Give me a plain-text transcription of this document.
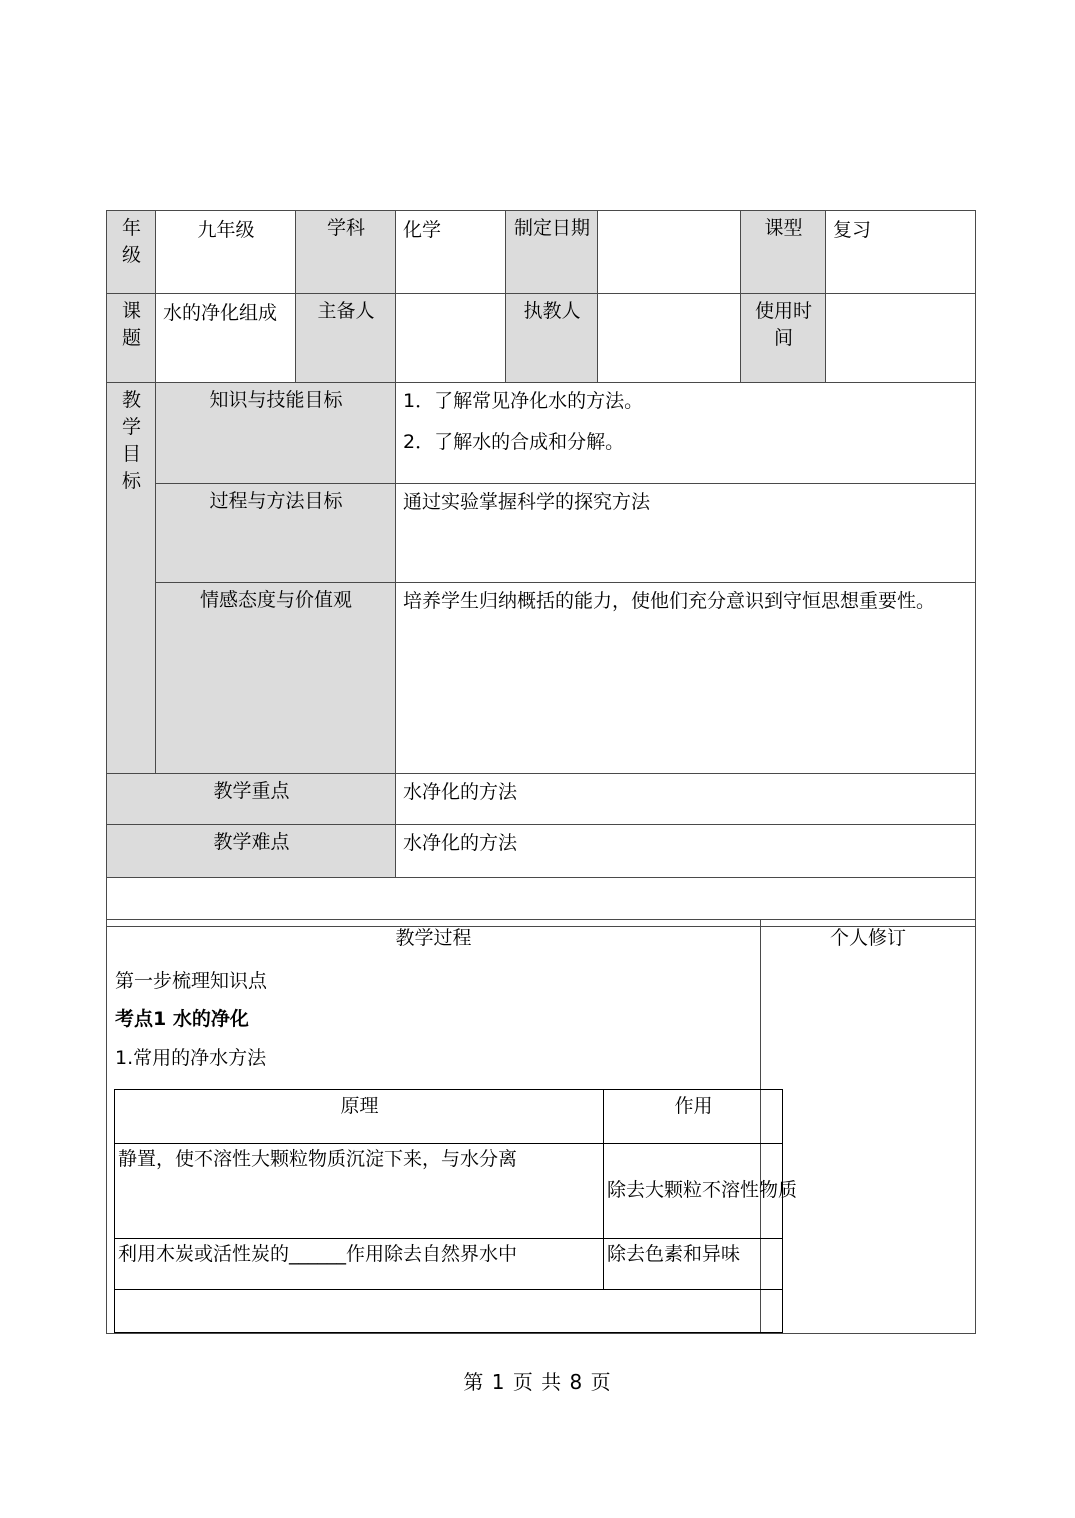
年级	九年级	学科	化学	制定日期		课型	复习
课题	水的净化组成	主备人		执教人		使用时间	
教学目标	知识与技能目标		1．了解常见净化水的方法。
2．了解水的合成和分解。				

	过程与方法目标		通过实验掌握科学的探究方法				

	情感态度与价值观		培养学生归纳概括的能力，使他们充分意识到守恒思想重要性。				

教学重点			水净化的方法				
教学难点			水净化的方法				

教学过程
第一步梳理知识点
考点1 水的净化
1.常用的净水方法
原理	作用
静置，使不溶性大颗粒物质沉淀下来，与水分离	除去大颗粒不溶性物质
利用木炭或活性炭的______作用除去自然界水中	除去色素和异味

个人修订
第 1 页 共 8 页
